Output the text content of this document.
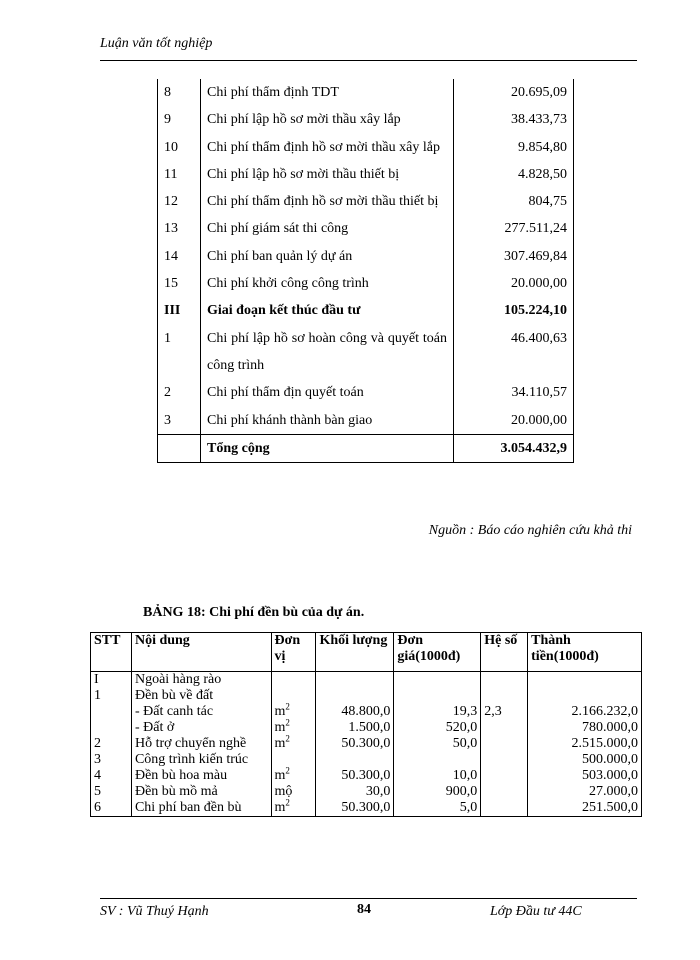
Luận văn tốt nghiệp
8	Chi phí thẩm định TDT	20.695,09
9	Chi phí lập hồ sơ mời thầu xây lắp	38.433,73
10	Chi phí thẩm định hồ sơ mời thầu xây lắp	9.854,80
11	Chi phí lập hồ sơ mời thầu thiết bị	4.828,50
12	Chi phí thẩm định hồ sơ mời thầu thiết bị	804,75
13	Chi phí giám sát thi công	277.511,24
14	Chi phí ban quản lý dự án	307.469,84
15	Chi phí khởi công công trình	20.000,00
III	Giai đoạn kết thúc đầu tư	105.224,10
1	Chi phí lập hồ sơ hoàn công và quyết toán công trình	46.400,63
2	Chi phí thẩm địn quyết toán	34.110,57
3	Chi phí khánh thành bàn giao	20.000,00
	Tổng cộng	3.054.432,9
Nguồn : Báo cáo nghiên cứu khả thi
BẢNG 18: Chi phí đền bù của dự án.
STT	Nội dung	Đơn vị	Khối lượng	Đơn giá(1000đ)	Hệ số	Thành tiền(1000đ)
I	Ngoài hàng rào					
1	Đền bù về đất					
	- Đất canh tác	$m^2$	48.800,0	19,3	2,3	2.166.232,0
	- Đất ở	$m^2$	1.500,0	520,0		780.000,0
2	Hỗ trợ chuyển nghề	$m^2$	50.300,0	50,0		2.515.000,0
3	Công trình kiến trúc					500.000,0
4	Đền bù hoa màu	$m^2$	50.300,0	10,0		503.000,0
5	Đền bù mồ mả	mộ	30,0	900,0		27.000,0
6	Chi phí ban đền bù	$m^2$	50.300,0	5,0		251.500,0
SV : Vũ Thuý Hạnh	84	Lớp Đầu tư 44C
